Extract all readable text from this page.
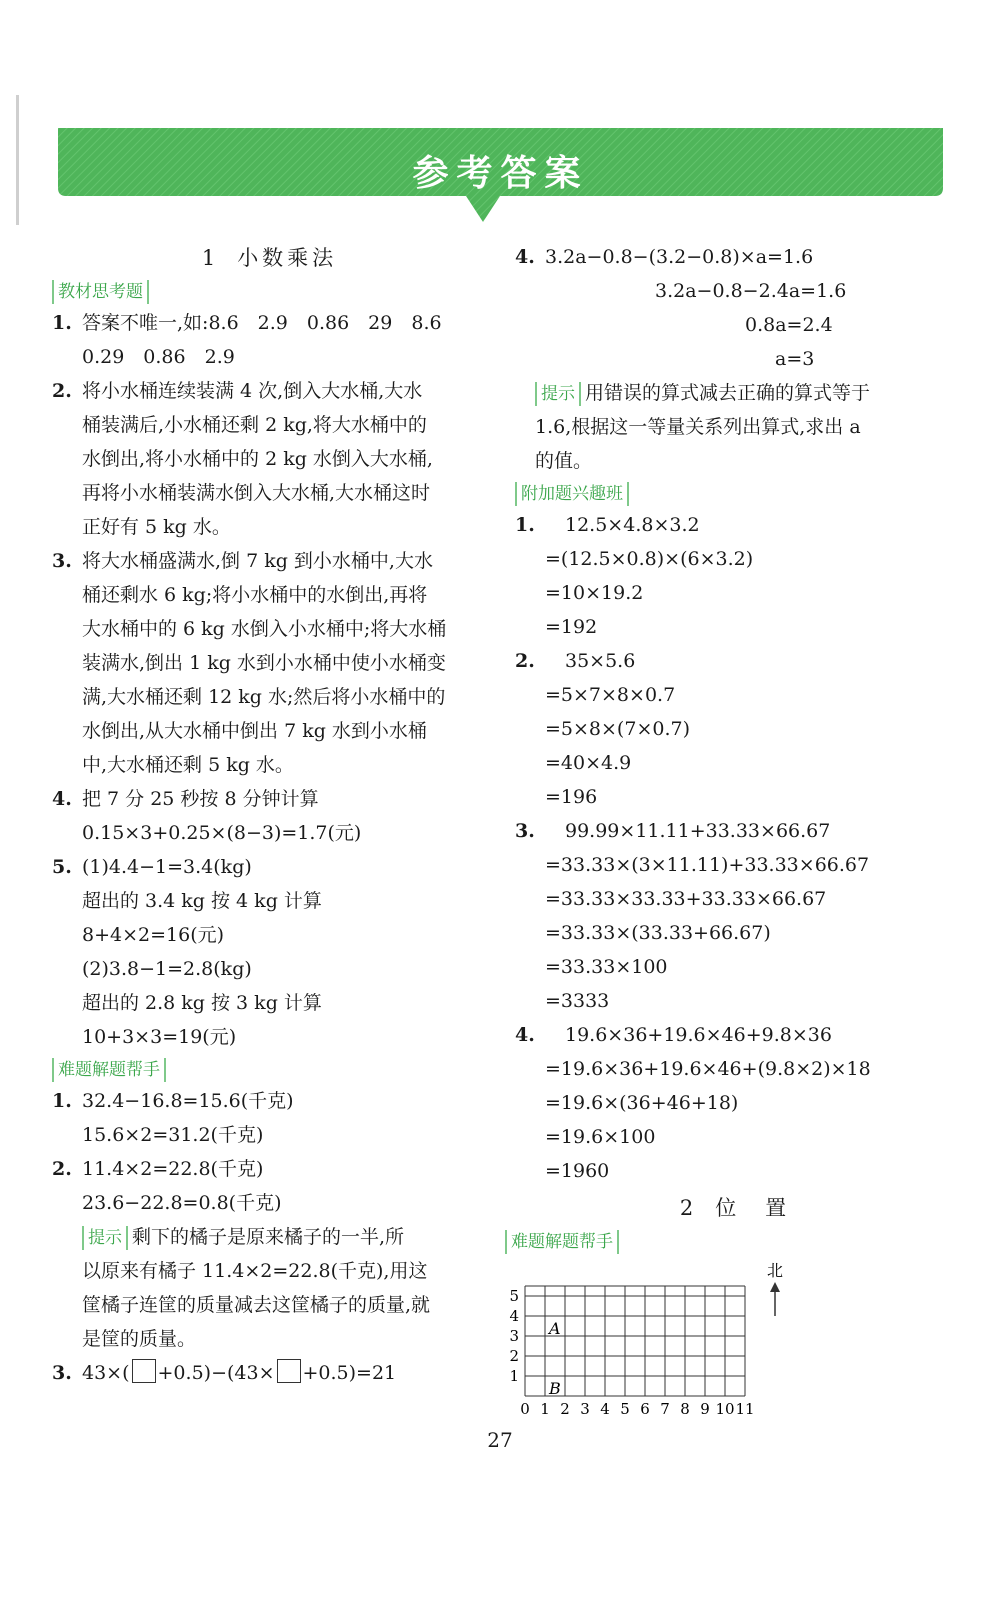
参考答案
1 小数乘法
教材思考题
1. 答案不唯一,如:8.6　2.9　0.86　29　8.6
0.29　0.86　2.9
2. 将小水桶连续装满 4 次,倒入大水桶,大水
桶装满后,小水桶还剩 2 kg,将大水桶中的
水倒出,将小水桶中的 2 kg 水倒入大水桶,
再将小水桶装满水倒入大水桶,大水桶这时
正好有 5 kg 水。
3. 将大水桶盛满水,倒 7 kg 到小水桶中,大水
桶还剩水 6 kg;将小水桶中的水倒出,再将
大水桶中的 6 kg 水倒入小水桶中;将大水桶
装满水,倒出 1 kg 水到小水桶中使小水桶变
满,大水桶还剩 12 kg 水;然后将小水桶中的
水倒出,从大水桶中倒出 7 kg 水到小水桶
中,大水桶还剩 5 kg 水。
4. 把 7 分 25 秒按 8 分钟计算
0.15×3+0.25×(8−3)=1.7(元)
5. (1)4.4−1=3.4(kg)
超出的 3.4 kg 按 4 kg 计算
8+4×2=16(元)
(2)3.8−1=2.8(kg)
超出的 2.8 kg 按 3 kg 计算
10+3×3=19(元)
难题解题帮手
1. 32.4−16.8=15.6(千克)
15.6×2=31.2(千克)
2. 11.4×2=22.8(千克)
23.6−22.8=0.8(千克)
提示 剩下的橘子是原来橘子的一半,所
以原来有橘子 11.4×2=22.8(千克),用这
筐橘子连筐的质量减去这筐橘子的质量,就
是筐的质量。
3. 43×( +0.5)−(43× +0.5)=21
4. 3.2a−0.8−(3.2−0.8)×a=1.6
3.2a−0.8−2.4a=1.6
0.8a=2.4
a=3
提示 用错误的算式减去正确的算式等于
1.6,根据这一等量关系列出算式,求出 a
的值。
附加题兴趣班
1.	12.5×4.8×3.2
=(12.5×0.8)×(6×3.2)
=10×19.2
=192
2.	35×5.6
=5×7×8×0.7
=5×8×(7×0.7)
=40×4.9
=196
3.	99.99×11.11+33.33×66.67
=33.33×(3×11.11)+33.33×66.67
=33.33×33.33+33.33×66.67
=33.33×(33.33+66.67)
=33.33×100
=3333
4.	19.6×36+19.6×46+9.8×36
=19.6×36+19.6×46+(9.8×2)×18
=19.6×(36+46+18)
=19.6×100
=1960
2 位　置
难题解题帮手
0 1 2 3 4 5 6 7 8 9 10 11
1
2
3
4
5
A
B
北
27
